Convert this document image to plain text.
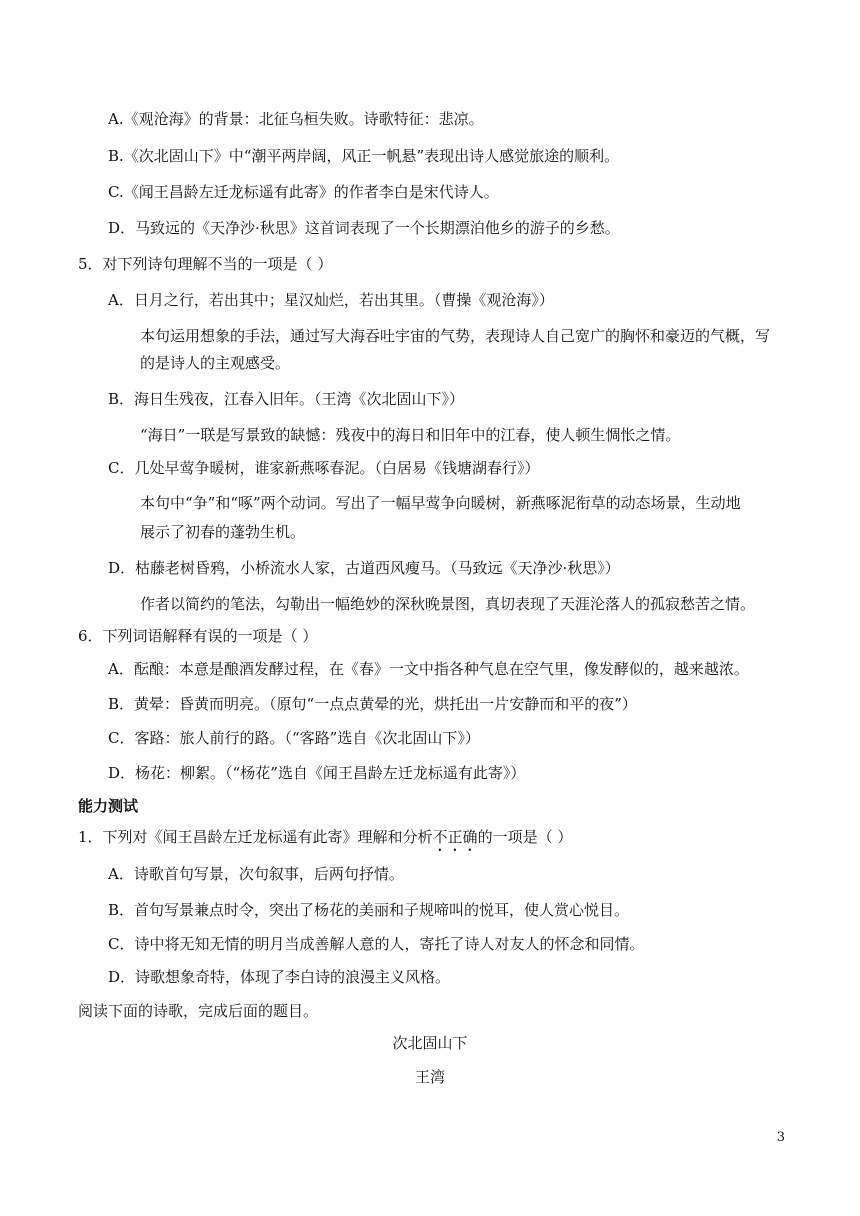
A.《观沧海》的背景：北征乌桓失败。诗歌特征：悲凉。
B.《次北固山下》中“潮平两岸阔，风正一帆悬”表现出诗人感觉旅途的顺利。
C.《闻王昌龄左迁龙标遥有此寄》的作者李白是宋代诗人。
D．马致远的《天净沙·秋思》这首词表现了一个长期漂泊他乡的游子的乡愁。
5．对下列诗句理解不当的一项是（ ）
A．日月之行，若出其中；星汉灿烂，若出其里。（曹操《观沧海》）
本句运用想象的手法，通过写大海吞吐宇宙的气势，表现诗人自己宽广的胸怀和豪迈的气概，写
的是诗人的主观感受。
B．海日生残夜，江春入旧年。（王湾《次北固山下》）
“海日”一联是写景致的缺憾：残夜中的海日和旧年中的江春，使人顿生惆怅之情。
C．几处早莺争暖树，谁家新燕啄春泥。（白居易《钱塘湖春行》）
本句中“争”和“啄”两个动词。写出了一幅早莺争向暖树，新燕啄泥衔草的动态场景，生动地
展示了初春的蓬勃生机。
D．枯藤老树昏鸦，小桥流水人家，古道西风瘦马。（马致远《天净沙·秋思》）
作者以简约的笔法，勾勒出一幅绝妙的深秋晚景图，真切表现了天涯沦落人的孤寂愁苦之情。
6．下列词语解释有误的一项是（ ）
A．酝酿：本意是酿酒发酵过程，在《春》一文中指各种气息在空气里，像发酵似的，越来越浓。
B．黄晕：昏黄而明亮。（原句“一点点黄晕的光，烘托出一片安静而和平的夜”）
C．客路：旅人前行的路。（“客路”选自《次北固山下》）
D．杨花：柳絮。（“杨花”选自《闻王昌龄左迁龙标遥有此寄》）
能力测试
1．下列对《闻王昌龄左迁龙标遥有此寄》理解和分析不正确的一项是（ ）
A．诗歌首句写景，次句叙事，后两句抒情。
B．首句写景兼点时令，突出了杨花的美丽和子规啼叫的悦耳，使人赏心悦目。
C．诗中将无知无情的明月当成善解人意的人，寄托了诗人对友人的怀念和同情。
D．诗歌想象奇特，体现了李白诗的浪漫主义风格。
阅读下面的诗歌，完成后面的题目。
次北固山下
王湾
3
